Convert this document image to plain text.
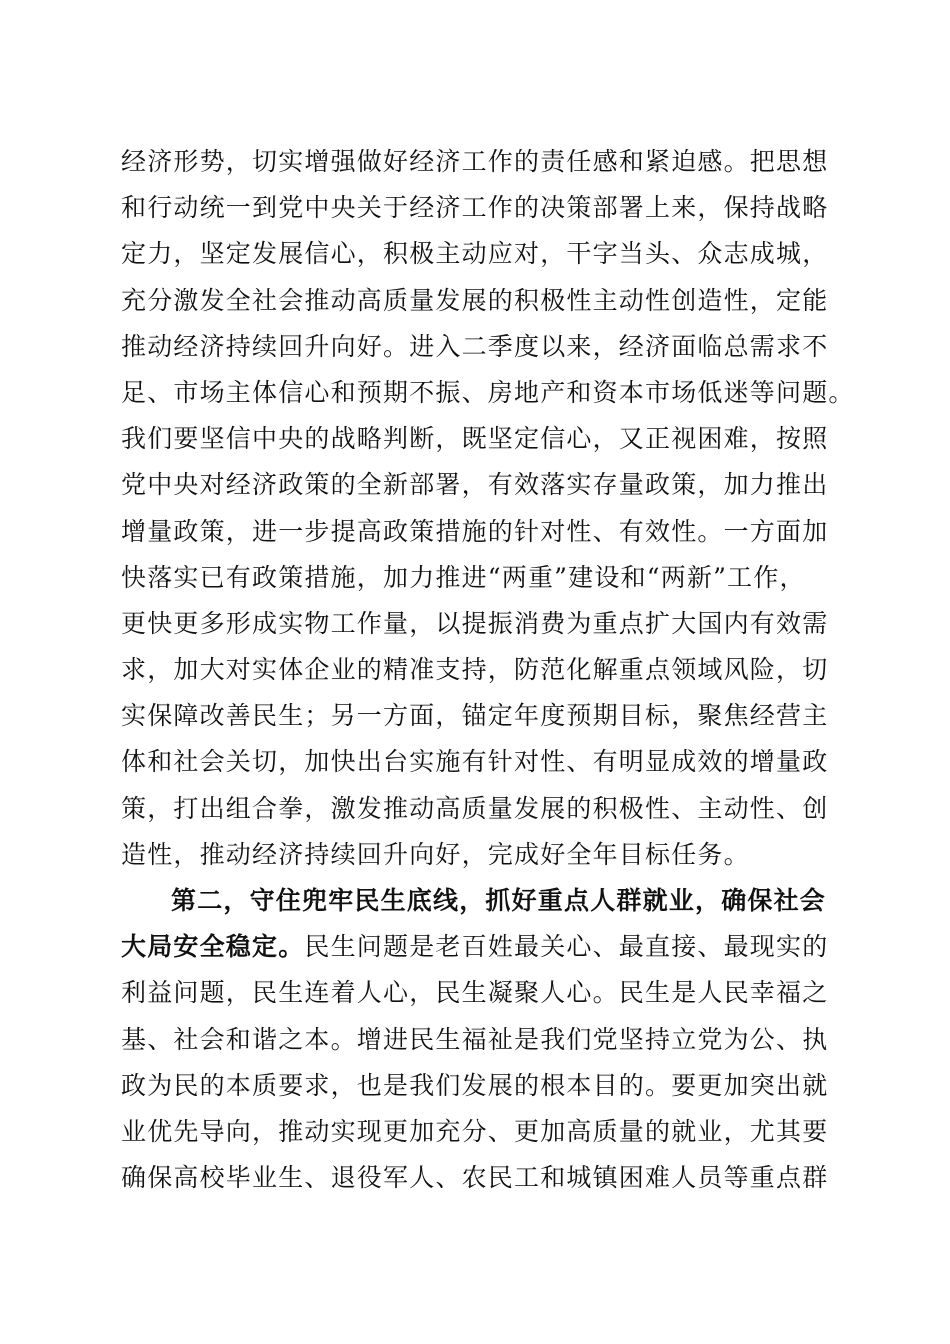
经济形势，切实增强做好经济工作的责任感和紧迫感。把思想
和行动统一到党中央关于经济工作的决策部署上来，保持战略
定力，坚定发展信心，积极主动应对，干字当头、众志成城，
充分激发全社会推动高质量发展的积极性主动性创造性，定能
推动经济持续回升向好。进入二季度以来，经济面临总需求不
足、市场主体信心和预期不振、房地产和资本市场低迷等问题。
我们要坚信中央的战略判断，既坚定信心，又正视困难，按照
党中央对经济政策的全新部署，有效落实存量政策，加力推出
增量政策，进一步提高政策措施的针对性、有效性。一方面加
快落实已有政策措施，加力推进“两重”建设和“两新”工作，
更快更多形成实物工作量，以提振消费为重点扩大国内有效需
求，加大对实体企业的精准支持，防范化解重点领域风险，切
实保障改善民生；另一方面，锚定年度预期目标，聚焦经营主
体和社会关切，加快出台实施有针对性、有明显成效的增量政
策，打出组合拳，激发推动高质量发展的积极性、主动性、创
造性，推动经济持续回升向好，完成好全年目标任务。
第二，守住兜牢民生底线，抓好重点人群就业，确保社会
大局安全稳定。民生问题是老百姓最关心、最直接、最现实的
利益问题，民生连着人心，民生凝聚人心。民生是人民幸福之
基、社会和谐之本。增进民生福祉是我们党坚持立党为公、执
政为民的本质要求，也是我们发展的根本目的。要更加突出就
业优先导向，推动实现更加充分、更加高质量的就业，尤其要
确保高校毕业生、退役军人、农民工和城镇困难人员等重点群
